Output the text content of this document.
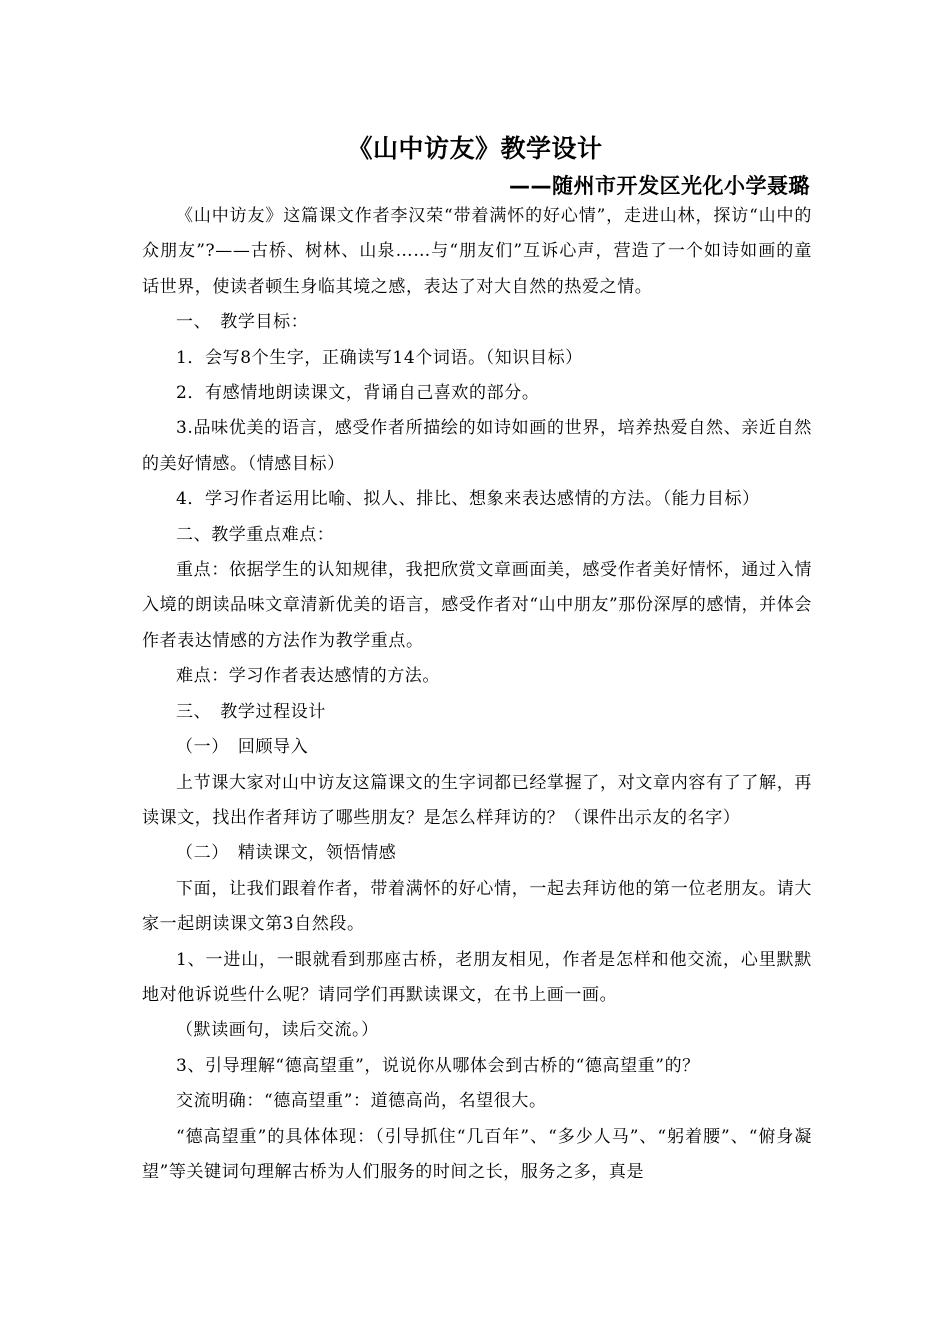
《山中访友》教学设计
——随州市开发区光化小学聂璐

《山中访友》这篇课文作者李汉荣“带着满怀的好心情”，走进山林，探访“山中的众朋友”?——古桥、树林、山泉……与“朋友们”互诉心声，营造了一个如诗如画的童话世界，使读者顿生身临其境之感，表达了对大自然的热爱之情。

一、　教学目标：

1．会写8个生字，正确读写14个词语。（知识目标）

2．有感情地朗读课文，背诵自己喜欢的部分。

3.品味优美的语言，感受作者所描绘的如诗如画的世界，培养热爱自然、亲近自然的美好情感。（情感目标）

4．学习作者运用比喻、拟人、排比、想象来表达感情的方法。（能力目标）

二、教学重点难点：

重点：依据学生的认知规律，我把欣赏文章画面美，感受作者美好情怀，通过入情入境的朗读品味文章清新优美的语言，感受作者对“山中朋友”那份深厚的感情，并体会作者表达情感的方法作为教学重点。

难点：学习作者表达感情的方法。

三、　教学过程设计

（一）　回顾导入

上节课大家对山中访友这篇课文的生字词都已经掌握了，对文章内容有了了解，再读课文，找出作者拜访了哪些朋友？是怎么样拜访的？（课件出示友的名字）

（二）　精读课文，领悟情感

下面，让我们跟着作者，带着满怀的好心情，一起去拜访他的第一位老朋友。请大家一起朗读课文第3自然段。

1、一进山，一眼就看到那座古桥，老朋友相见，作者是怎样和他交流，心里默默地对他诉说些什么呢？请同学们再默读课文，在书上画一画。

（默读画句，读后交流。）

3、引导理解“德高望重”，说说你从哪体会到古桥的“德高望重”的？

交流明确：“德高望重”：道德高尚，名望很大。

“德高望重”的具体体现：（引导抓住“几百年”、“多少人马”、“躬着腰”、“俯身凝望”等关键词句理解古桥为人们服务的时间之长，服务之多，真是
